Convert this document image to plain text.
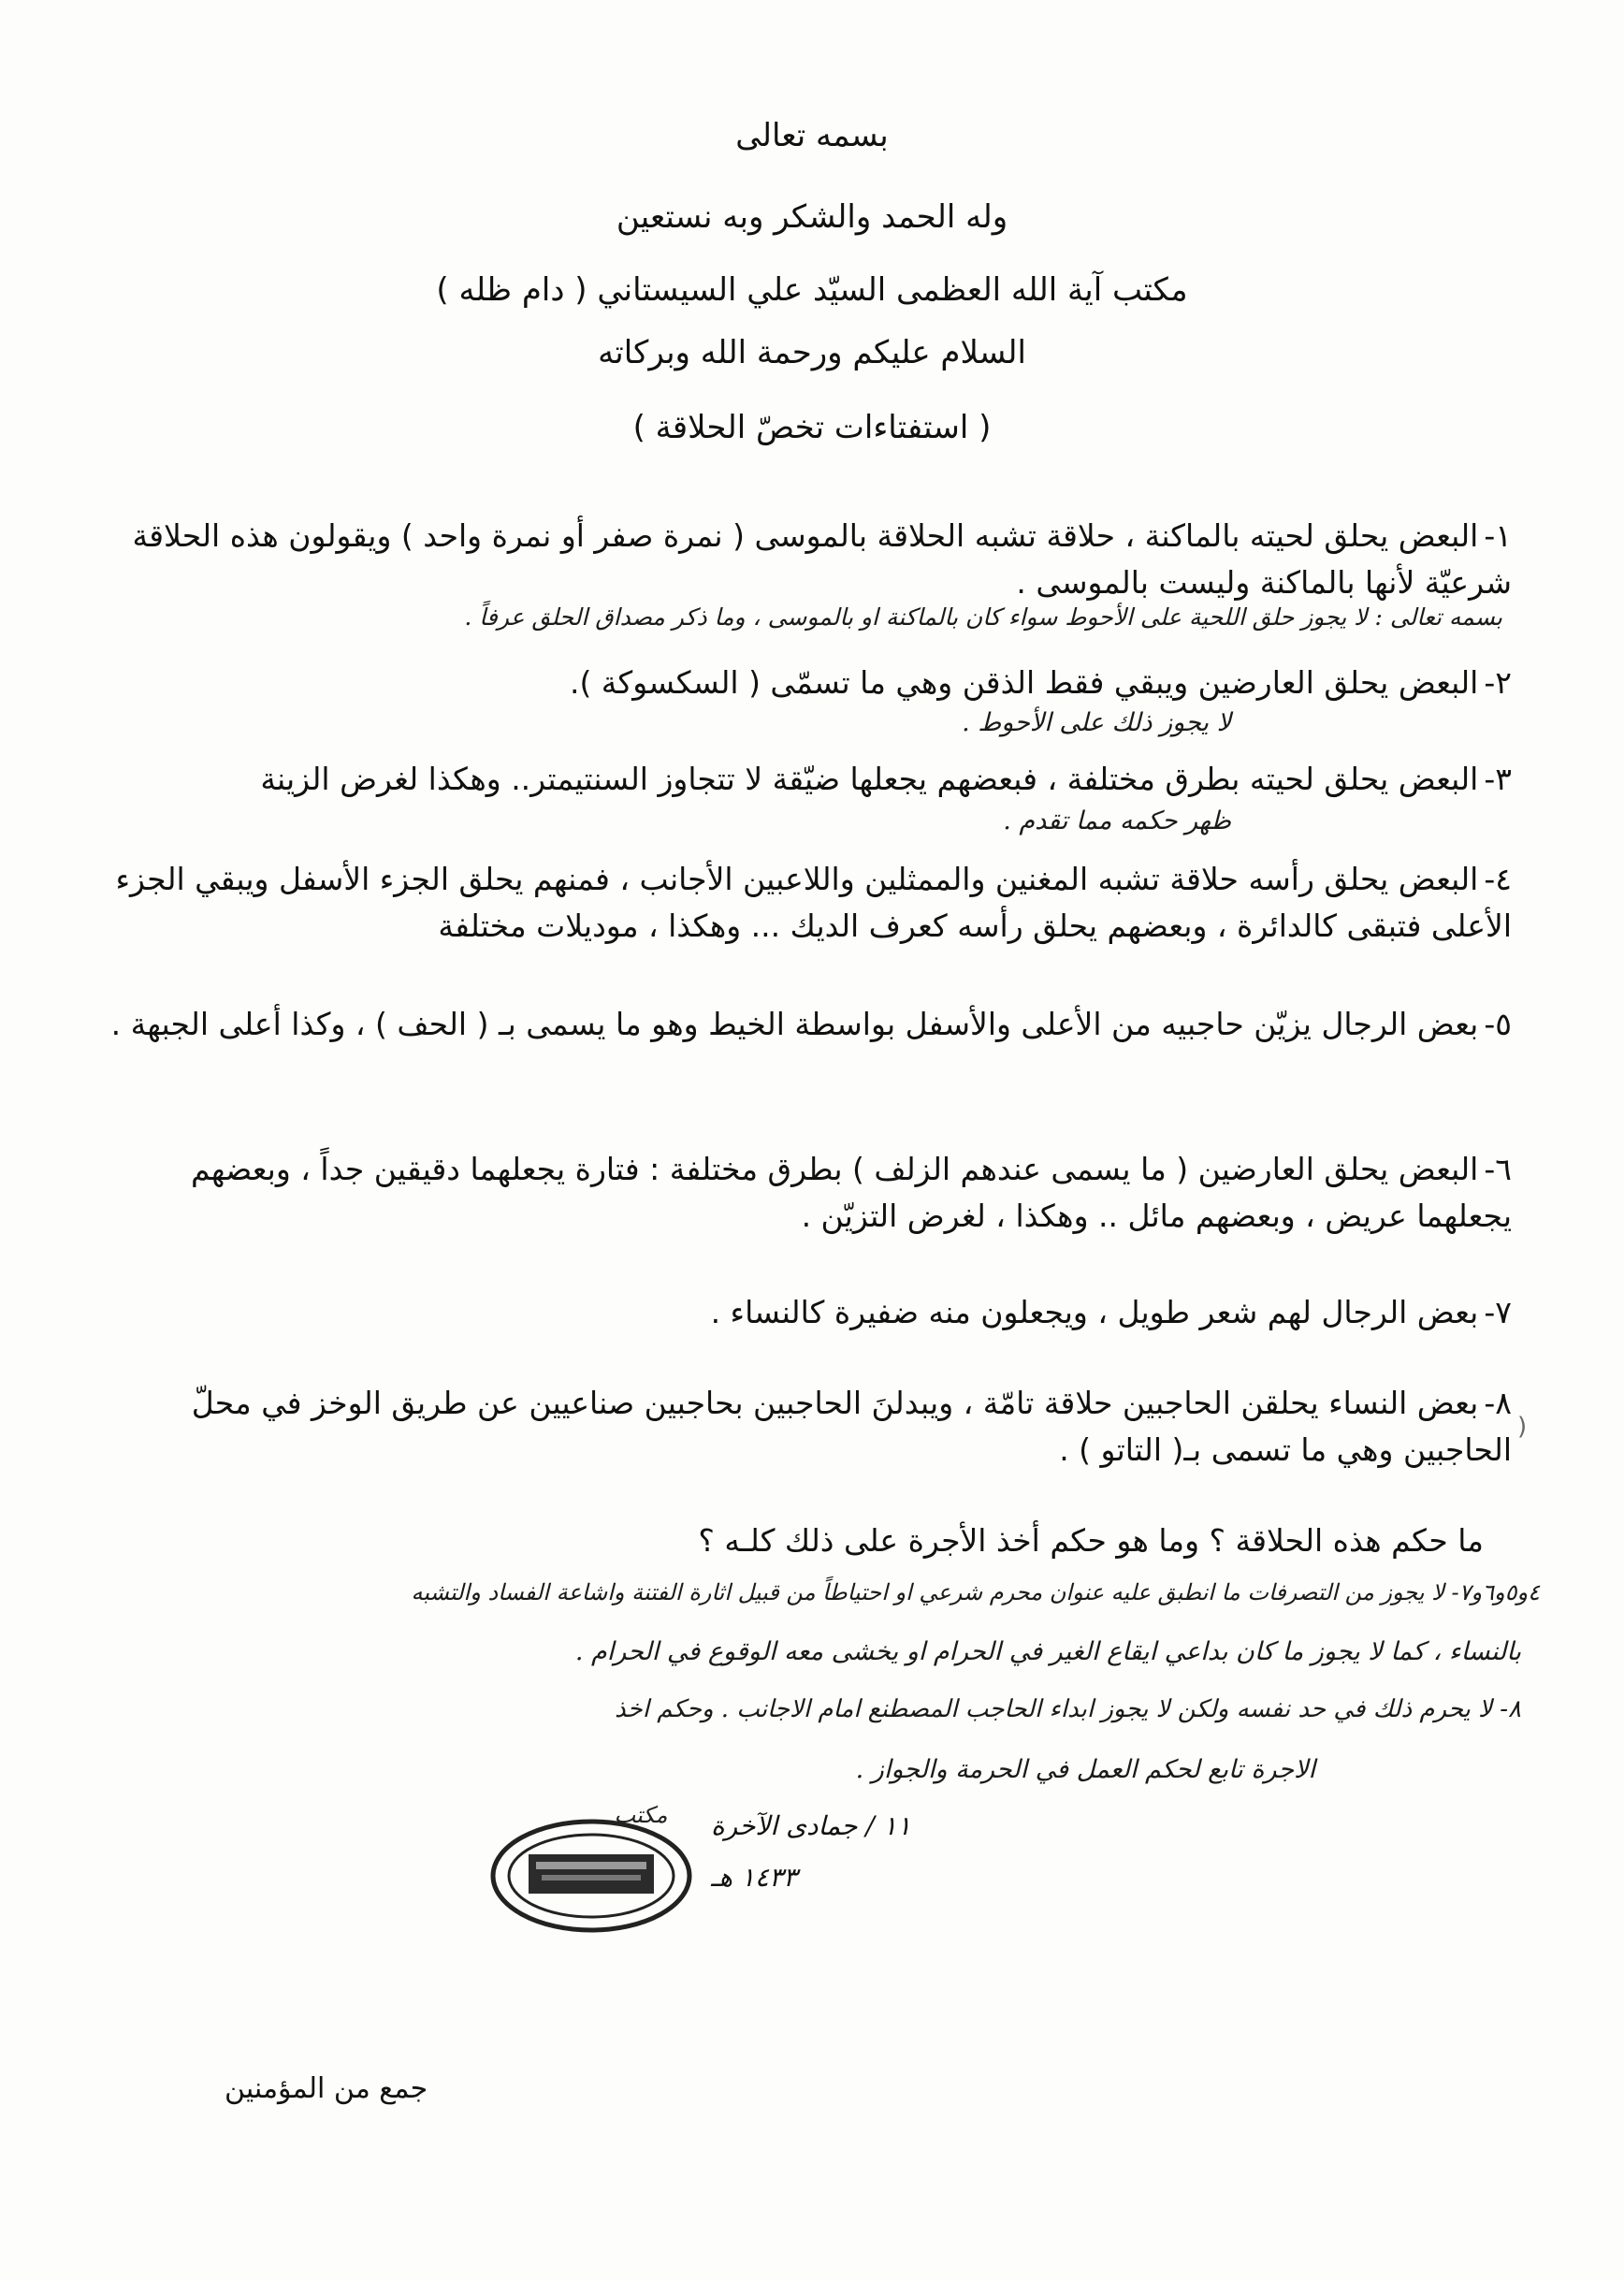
بسمه تعالى
وله الحمد والشكر وبه نستعين
مكتب آية الله العظمى السيّد علي السيستاني ( دام ظله )
السلام عليكم ورحمة الله وبركاته
( استفتاءات تخصّ الحلاقة )
١-البعض يحلق لحيته بالماكنة ، حلاقة تشبه الحلاقة بالموسى ( نمرة صفر أو نمرة واحد ) ويقولون هذه الحلاقة شرعيّة لأنها بالماكنة وليست بالموسى .
بسمه تعالى : لا يجوز حلق اللحية على الأحوط سواء كان بالماكنة او بالموسى ، وما ذكر مصداق الحلق عرفاً .
٢-البعض يحلق العارضين ويبقي فقط الذقن وهي ما تسمّى ( السكسوكة ).
لا يجوز ذلك على الأحوط .
٣-البعض يحلق لحيته بطرق مختلفة ، فبعضهم يجعلها ضيّقة لا تتجاوز السنتيمتر.. وهكذا لغرض الزينة
ظهر حكمه مما تقدم .
٤-البعض يحلق رأسه حلاقة تشبه المغنين والممثلين واللاعبين الأجانب ، فمنهم يحلق الجزء الأسفل ويبقي الجزء الأعلى فتبقى كالدائرة ، وبعضهم يحلق رأسه كعرف الديك ... وهكذا ، موديلات مختلفة
٥-بعض الرجال يزيّن حاجبيه من الأعلى والأسفل بواسطة الخيط وهو ما يسمى بـ ( الحف ) ، وكذا أعلى الجبهة .
٦-البعض يحلق العارضين ( ما يسمى عندهم الزلف ) بطرق مختلفة : فتارة يجعلهما دقيقين جداً ، وبعضهم يجعلهما عريض ، وبعضهم مائل .. وهكذا ، لغرض التزيّن .
٧-بعض الرجال لهم شعر طويل ، ويجعلون منه ضفيرة كالنساء .
٨-بعض النساء يحلقن الحاجبين حلاقة تامّة ، ويبدلنَ الحاجبين بحاجبين صناعيين عن طريق الوخز في محلّ الحاجبين وهي ما تسمى بـ( التاتو ) .
)
ما حكم هذه الحلاقة ؟ وما هو حكم أخذ الأجرة على ذلك كلـه ؟
٤و٥و٦و٧- لا يجوز من التصرفات ما انطبق عليه عنوان محرم شرعي او احتياطاً من قبيل اثارة الفتنة واشاعة الفساد والتشبه
بالنساء ، كما لا يجوز ما كان بداعي ايقاع الغير في الحرام او يخشى معه الوقوع في الحرام .
٨- لا يحرم ذلك في حد نفسه ولكن لا يجوز ابداء الحاجب المصطنع امام الاجانب . وحكم اخذ
الاجرة تابع لحكم العمل في الحرمة والجواز .
١١ / جمادى الآخرة
١٤٣٣ هـ
مكتب
جمع من المؤمنين
